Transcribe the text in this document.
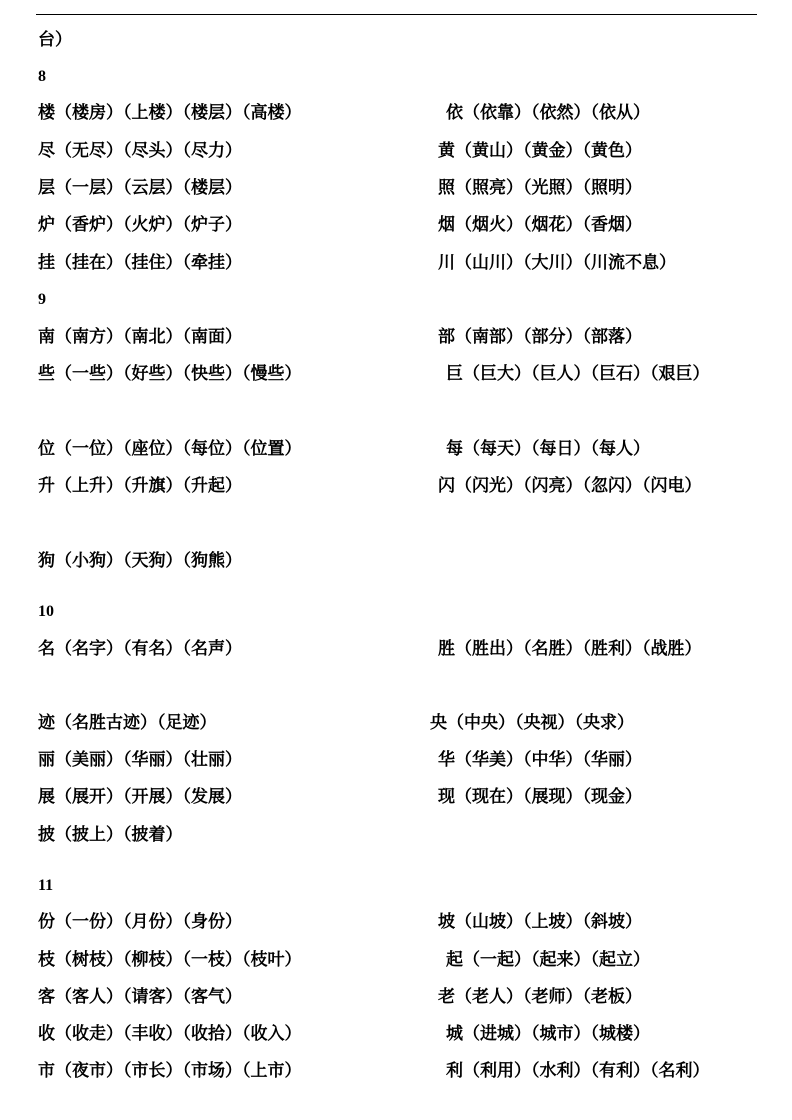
台）
8
楼（楼房）（上楼）（楼层）（高楼）	依（依靠）（依然）（依从）
尽（无尽）（尽头）（尽力）	黄（黄山）（黄金）（黄色）
层（一层）（云层）（楼层）	照（照亮）（光照）（照明）
炉（香炉）（火炉）（炉子）	烟（烟火）（烟花）（香烟）
挂（挂在）（挂住）（牵挂）	川（山川）（大川）（川流不息）
9
南（南方）（南北）（南面）	部（南部）（部分）（部落）
些（一些）（好些）（快些）（慢些）	巨（巨大）（巨人）（巨石）（艰巨）
位（一位）（座位）（每位）（位置）	每（每天）（每日）（每人）
升（上升）（升旗）（升起）	闪（闪光）（闪亮）（忽闪）（闪电）
狗（小狗）（天狗）（狗熊）
10
名（名字）（有名）（名声）	胜（胜出）（名胜）（胜利）（战胜）
迹（名胜古迹）（足迹）	央（中央）（央视）（央求）
丽（美丽）（华丽）（壮丽）	华（华美）（中华）（华丽）
展（展开）（开展）（发展）	现（现在）（展现）（现金）
披（披上）（披着）
11
份（一份）（月份）（身份）	坡（山坡）（上坡）（斜坡）
枝（树枝）（柳枝）（一枝）（枝叶）	起（一起）（起来）（起立）
客（客人）（请客）（客气）	老（老人）（老师）（老板）
收（收走）（丰收）（收拾）（收入）	城（进城）（城市）（城楼）
市（夜市）（市长）（市场）（上市）	利（利用）（水利）（有利）（名利）
